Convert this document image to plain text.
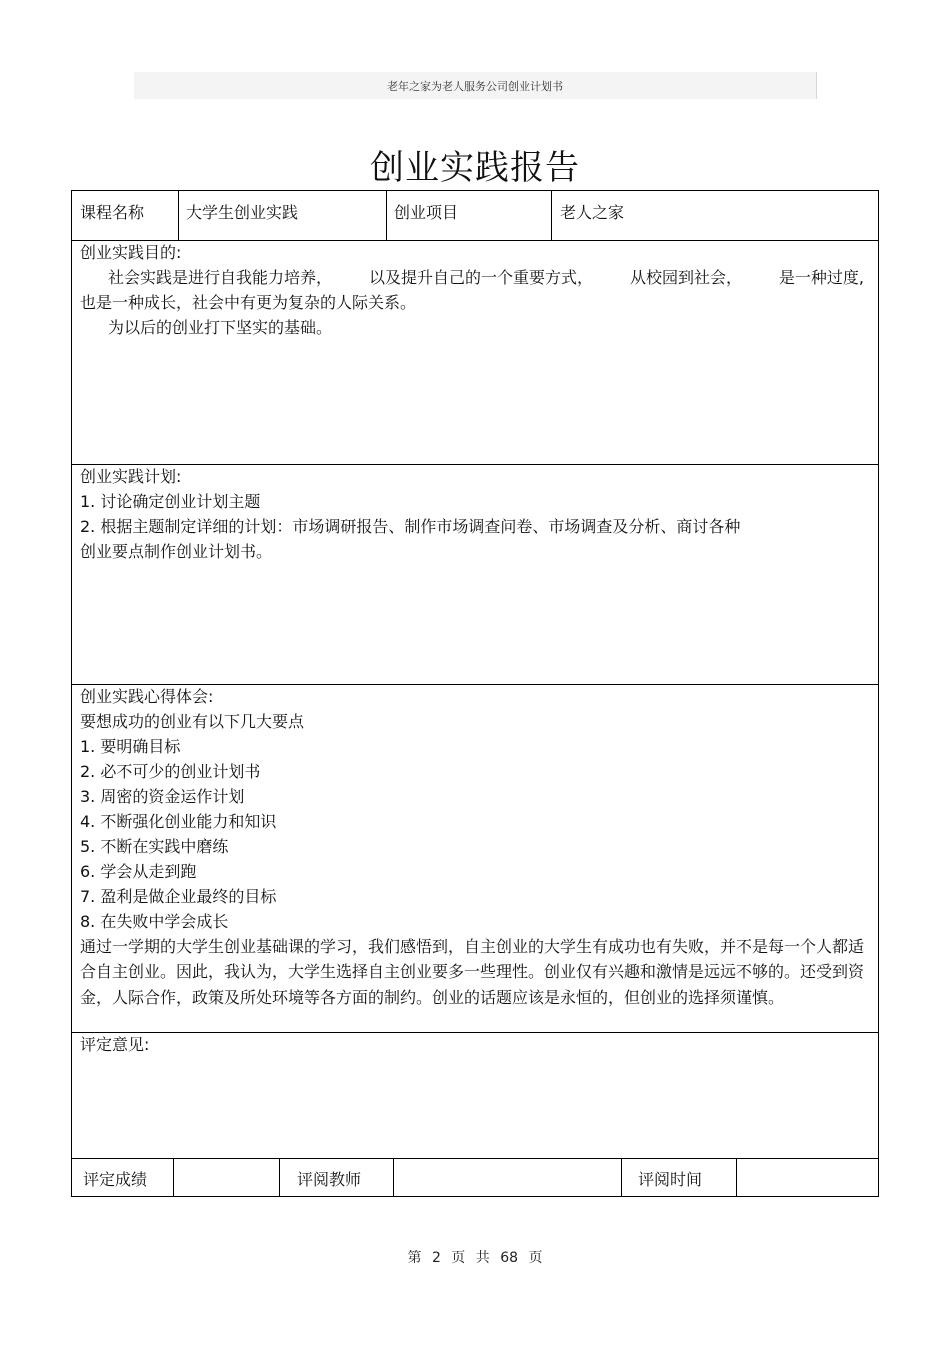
老年之家为老人服务公司创业计划书
创业实践报告
课程名称	大学生创业实践	创业项目	老人之家
创业实践目的:
社会实践是进行自我能力培养， 以及提升自己的一个重要方式， 从校园到社会， 是一种过度,
也是一种成长，社会中有更为复杂的人际关系。
为以后的创业打下坚实的基础。
创业实践计划:
1. 讨论确定创业计划主题
2. 根据主题制定详细的计划：市场调研报告、制作市场调查问卷、市场调查及分析、商讨各种
创业要点制作创业计划书。
创业实践心得体会:
要想成功的创业有以下几大要点
1. 要明确目标
2. 必不可少的创业计划书
3. 周密的资金运作计划
4. 不断强化创业能力和知识
5. 不断在实践中磨练
6. 学会从走到跑
7. 盈利是做企业最终的目标
8. 在失败中学会成长
通过一学期的大学生创业基础课的学习，我们感悟到，自主创业的大学生有成功也有失败，并不是每一个人都适合自主创业。因此，我认为，大学生选择自主创业要多一些理性。创业仅有兴趣和激情是远远不够的。还受到资金，人际合作，政策及所处环境等各方面的制约。创业的话题应该是永恒的，但创业的选择须谨慎。
评定意见:
评定成绩	评阅教师	评阅时间
第 2 页 共 68 页
